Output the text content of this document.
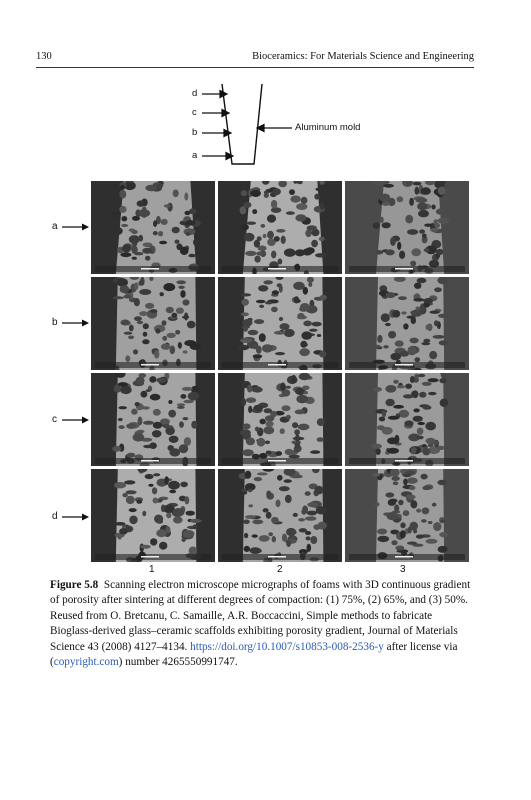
130	Bioceramics: For Materials Science and Engineering
d
c
b
a
Aluminum mold
a
b
c
d
1	2	3
Figure 5.8 Scanning electron microscope micrographs of foams with 3D continuous gradient of porosity after sintering at different degrees of compaction: (1) 75%, (2) 65%, and (3) 50%. Reused from O. Bretcanu, C. Samaille, A.R. Boccaccini, Simple methods to fabricate Bioglass-derived glass–ceramic scaffolds exhibiting porosity gradient, Journal of Materials Science 43 (2008) 4127–4134. https://doi.org/10.1007/s10853-008-2536-y after license via (copyright.com) number 4265550991747.
